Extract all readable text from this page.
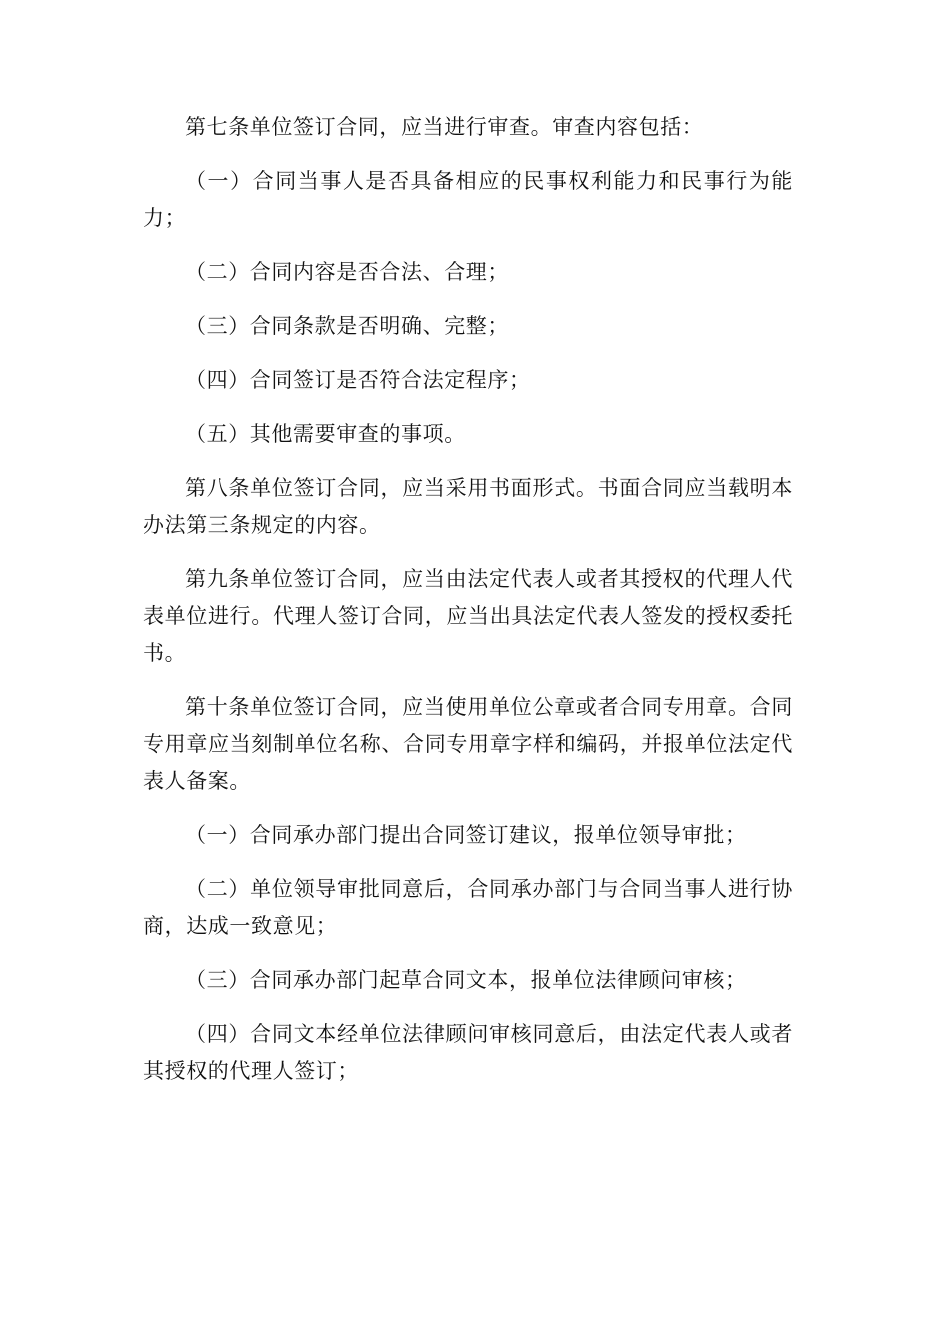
第七条单位签订合同，应当进行审查。审查内容包括：

（一）合同当事人是否具备相应的民事权利能力和民事行为能力；

（二）合同内容是否合法、合理；

（三）合同条款是否明确、完整；

（四）合同签订是否符合法定程序；

（五）其他需要审查的事项。

第八条单位签订合同，应当采用书面形式。书面合同应当载明本办法第三条规定的内容。

第九条单位签订合同，应当由法定代表人或者其授权的代理人代表单位进行。代理人签订合同，应当出具法定代表人签发的授权委托书。

第十条单位签订合同，应当使用单位公章或者合同专用章。合同专用章应当刻制单位名称、合同专用章字样和编码，并报单位法定代表人备案。

（一）合同承办部门提出合同签订建议，报单位领导审批；

（二）单位领导审批同意后，合同承办部门与合同当事人进行协商，达成一致意见；

（三）合同承办部门起草合同文本，报单位法律顾问审核；

（四）合同文本经单位法律顾问审核同意后，由法定代表人或者其授权的代理人签订；
